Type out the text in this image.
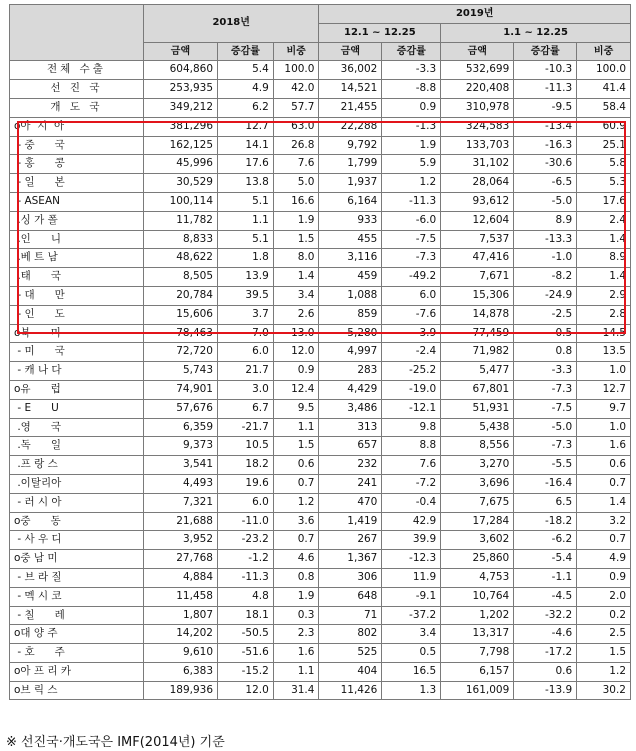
	2018년			2019년				
				12.1 ~ 12.25		1.1 ~ 12.25		
	금액	증감률	비중	금액	증감률	금액	증감률	비중
전체 수출	604,860	5.4	100.0	36,002	-3.3	532,699	-10.3	100.0
선 진 국	253,935	4.9	42.0	14,521	-8.8	220,408	-11.3	41.4
개 도 국	349,212	6.2	57.7	21,455	0.9	310,978	-9.5	58.4
o아  시  아	381,296	12.7	63.0	22,288	-1.3	324,583	-13.4	60.9
- 중      국	162,125	14.1	26.8	9,792	1.9	133,703	-16.3	25.1
- 홍      콩	45,996	17.6	7.6	1,799	5.9	31,102	-30.6	5.8
- 일      본	30,529	13.8	5.0	1,937	1.2	28,064	-6.5	5.3
- ASEAN	100,114	5.1	16.6	6,164	-11.3	93,612	-5.0	17.6
.싱 가 폴	11,782	1.1	1.9	933	-6.0	12,604	8.9	2.4
.인      니	8,833	5.1	1.5	455	-7.5	7,537	-13.3	1.4
.베 트 남	48,622	1.8	8.0	3,116	-7.3	47,416	-1.0	8.9
.태      국	8,505	13.9	1.4	459	-49.2	7,671	-8.2	1.4
- 대      만	20,784	39.5	3.4	1,088	6.0	15,306	-24.9	2.9
- 인      도	15,606	3.7	2.6	859	-7.6	14,878	-2.5	2.8
o북      미	78,463	7.0	13.0	5,280	-3.9	77,459	0.5	14.5
- 미      국	72,720	6.0	12.0	4,997	-2.4	71,982	0.8	13.5
- 캐 나 다	5,743	21.7	0.9	283	-25.2	5,477	-3.3	1.0
o유      럽	74,901	3.0	12.4	4,429	-19.0	67,801	-7.3	12.7
- E      U	57,676	6.7	9.5	3,486	-12.1	51,931	-7.5	9.7
.영      국	6,359	-21.7	1.1	313	9.8	5,438	-5.0	1.0
.독      일	9,373	10.5	1.5	657	8.8	8,556	-7.3	1.6
.프 랑 스	3,541	18.2	0.6	232	7.6	3,270	-5.5	0.6
.이탈리아	4,493	19.6	0.7	241	-7.2	3,696	-16.4	0.7
- 러 시 아	7,321	6.0	1.2	470	-0.4	7,675	6.5	1.4
o중      동	21,688	-11.0	3.6	1,419	42.9	17,284	-18.2	3.2
- 사 우 디	3,952	-23.2	0.7	267	39.9	3,602	-6.2	0.7
o중 남 미	27,768	-1.2	4.6	1,367	-12.3	25,860	-5.4	4.9
- 브 라 질	4,884	-11.3	0.8	306	11.9	4,753	-1.1	0.9
- 멕 시 코	11,458	4.8	1.9	648	-9.1	10,764	-4.5	2.0
- 칠      레	1,807	18.1	0.3	71	-37.2	1,202	-32.2	0.2
o대 양 주	14,202	-50.5	2.3	802	3.4	13,317	-4.6	2.5
- 호      주	9,610	-51.6	1.6	525	0.5	7,798	-17.2	1.5
o아 프 리 카	6,383	-15.2	1.1	404	16.5	6,157	0.6	1.2
o브 릭 스	189,936	12.0	31.4	11,426	1.3	161,009	-13.9	30.2
※ 선진국·개도국은 IMF(2014년) 기준
